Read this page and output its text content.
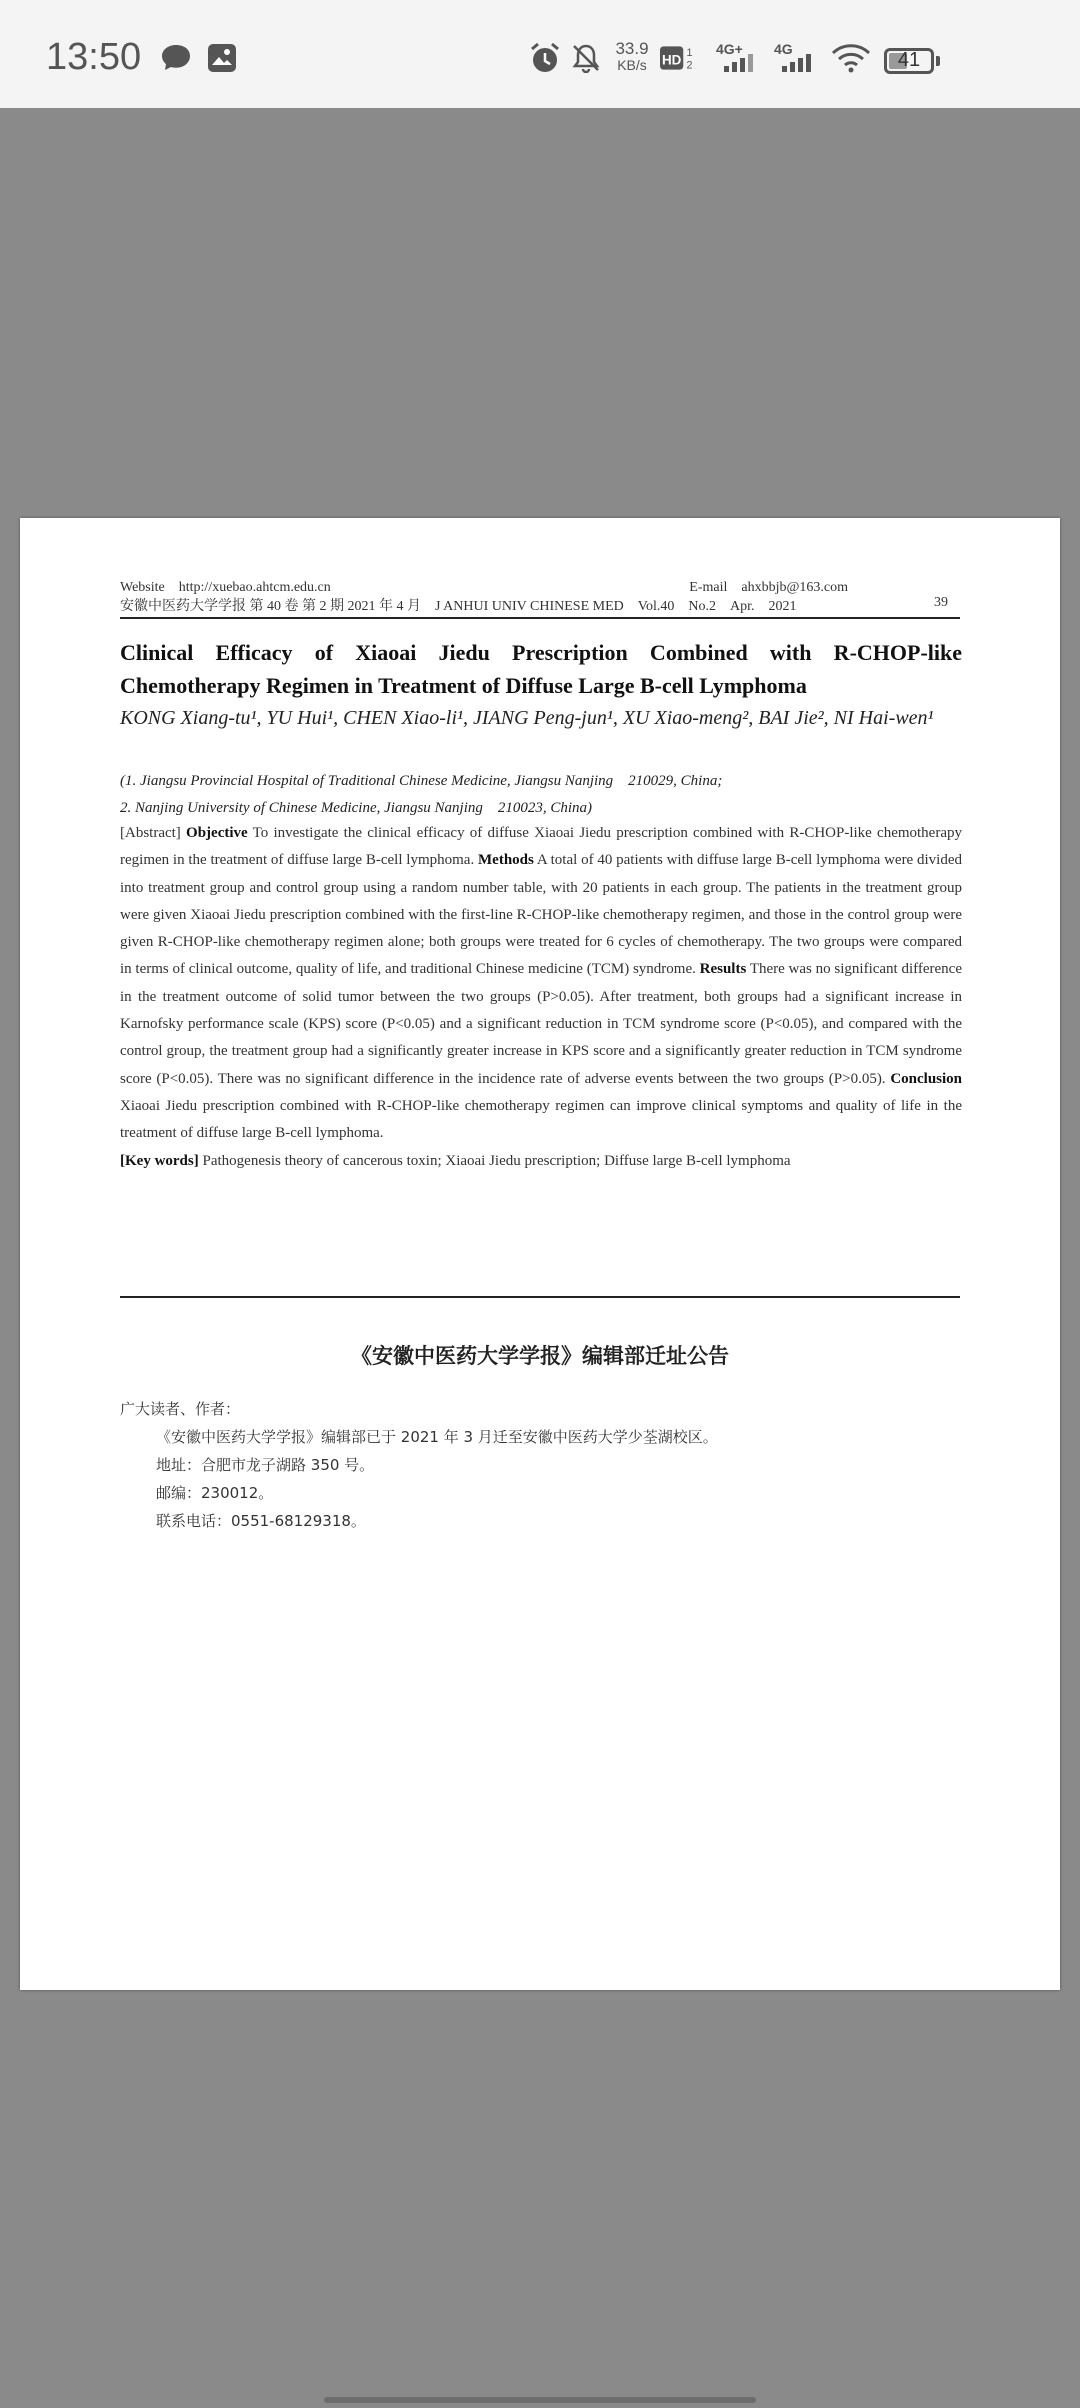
13:50	33.9
KB/s	HD 1
2
4G+ 4G	41
Website　http://xuebao.ahtcm.edu.cn	E-mail　ahxbbjb@163.com
安徽中医药大学学报 第 40 卷 第 2 期 2021 年 4 月　J ANHUI UNIV CHINESE MED　Vol.40　No.2　Apr.　2021	39
Clinical Efficacy of Xiaoai Jiedu Prescription Combined with R-CHOP-like Chemotherapy Regimen in Treatment of Diffuse Large B-cell Lymphoma
KONG Xiang-tu¹, YU Hui¹, CHEN Xiao-li¹, JIANG Peng-jun¹, XU Xiao-meng², BAI Jie², NI Hai-wen¹
(1. Jiangsu Provincial Hospital of Traditional Chinese Medicine, Jiangsu Nanjing　210029, China;
2. Nanjing University of Chinese Medicine, Jiangsu Nanjing　210023, China)
[Abstract] Objective To investigate the clinical efficacy of diffuse Xiaoai Jiedu prescription combined with R-CHOP-like chemotherapy regimen in the treatment of diffuse large B-cell lymphoma. Methods A total of 40 patients with diffuse large B-cell lymphoma were divided into treatment group and control group using a random number table, with 20 patients in each group. The patients in the treatment group were given Xiaoai Jiedu prescription combined with the first-line R-CHOP-like chemotherapy regimen, and those in the control group were given R-CHOP-like chemotherapy regimen alone; both groups were treated for 6 cycles of chemotherapy. The two groups were compared in terms of clinical outcome, quality of life, and traditional Chinese medicine (TCM) syndrome. Results There was no significant difference in the treatment outcome of solid tumor between the two groups (P>0.05). After treatment, both groups had a significant increase in Karnofsky performance scale (KPS) score (P<0.05) and a significant reduction in TCM syndrome score (P<0.05), and compared with the control group, the treatment group had a significantly greater increase in KPS score and a significantly greater reduction in TCM syndrome score (P<0.05). There was no significant difference in the incidence rate of adverse events between the two groups (P>0.05). Conclusion Xiaoai Jiedu prescription combined with R-CHOP-like chemotherapy regimen can improve clinical symptoms and quality of life in the treatment of diffuse large B-cell lymphoma.
[Key words] Pathogenesis theory of cancerous toxin; Xiaoai Jiedu prescription; Diffuse large B-cell lymphoma
《安徽中医药大学学报》编辑部迁址公告
广大读者、作者：
《安徽中医药大学学报》编辑部已于 2021 年 3 月迁至安徽中医药大学少荃湖校区。
地址：合肥市龙子湖路 350 号。
邮编：230012。
联系电话：0551-68129318。
